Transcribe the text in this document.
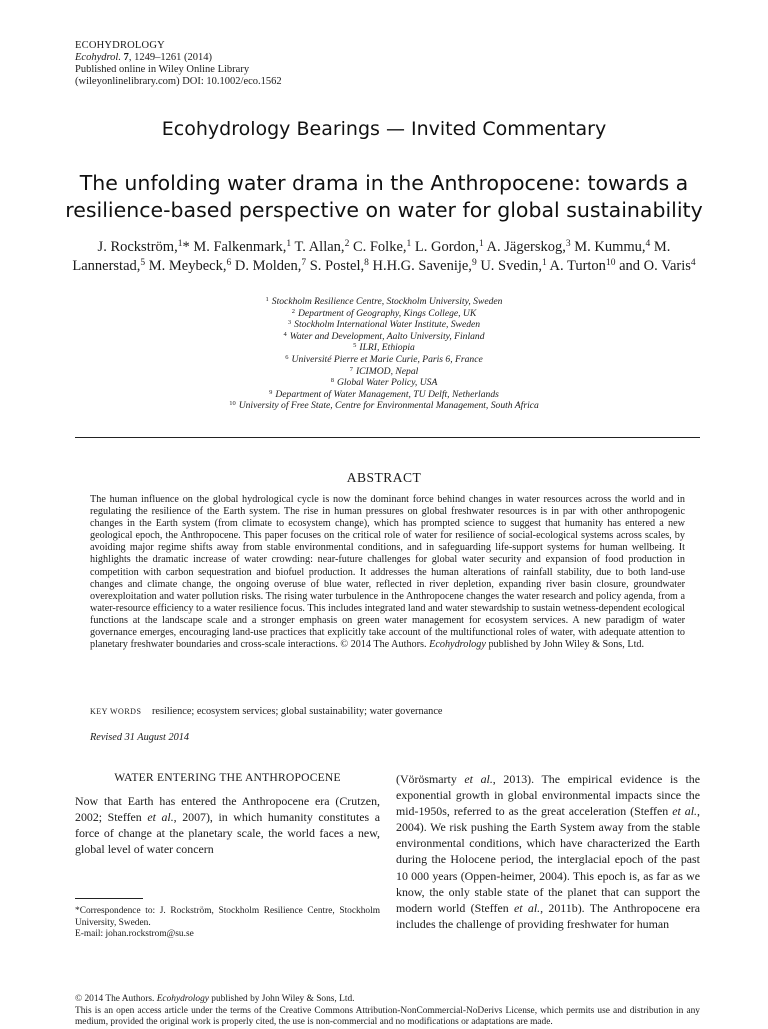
ECOHYDROLOGY
Ecohydrol. 7, 1249–1261 (2014)
Published online in Wiley Online Library
(wileyonlinelibrary.com) DOI: 10.1002/eco.1562
Ecohydrology Bearings — Invited Commentary
The unfolding water drama in the Anthropocene: towards a resilience-based perspective on water for global sustainability
J. Rockström,$^1$* M. Falkenmark,$^1$ T. Allan,$^2$ C. Folke,$^1$ L. Gordon,$^1$ A. Jägerskog,$^3$ M. Kummu,$^4$ M. Lannerstad,$^5$ M. Meybeck,$^6$ D. Molden,$^7$ S. Postel,$^8$ H.H.G. Savenije,$^9$ U. Svedin,$^1$ A. Turton$^{10}$ and O. Varis$^4$
$^1$ Stockholm Resilience Centre, Stockholm University, Sweden
$^2$ Department of Geography, Kings College, UK
$^3$ Stockholm International Water Institute, Sweden
$^4$ Water and Development, Aalto University, Finland
$^5$ ILRI, Ethiopia
$^6$ Université Pierre et Marie Curie, Paris 6, France
$^7$ ICIMOD, Nepal
$^8$ Global Water Policy, USA
$^9$ Department of Water Management, TU Delft, Netherlands
$^{10}$ University of Free State, Centre for Environmental Management, South Africa
ABSTRACT
The human influence on the global hydrological cycle is now the dominant force behind changes in water resources across the world and in regulating the resilience of the Earth system. The rise in human pressures on global freshwater resources is in par with other anthropogenic changes in the Earth system (from climate to ecosystem change), which has prompted science to suggest that humanity has entered a new geological epoch, the Anthropocene. This paper focuses on the critical role of water for resilience of social-ecological systems across scales, by avoiding major regime shifts away from stable environmental conditions, and in safeguarding life-support systems for human wellbeing. It highlights the dramatic increase of water crowding: near-future challenges for global water security and expansion of food production in competition with carbon sequestration and biofuel production. It addresses the human alterations of rainfall stability, due to both land-use changes and climate change, the ongoing overuse of blue water, reflected in river depletion, expanding river basin closure, groundwater overexploitation and water pollution risks. The rising water turbulence in the Anthropocene changes the water research and policy agenda, from a water-resource efficiency to a water resilience focus. This includes integrated land and water stewardship to sustain wetness-dependent ecological functions at the landscape scale and a stronger emphasis on green water management for ecosystem services. A new paradigm of water governance emerges, encouraging land-use practices that explicitly take account of the multifunctional roles of water, with adequate attention to planetary freshwater boundaries and cross-scale interactions. © 2014 The Authors. Ecohydrology published by John Wiley & Sons, Ltd.
KEY WORDS resilience; ecosystem services; global sustainability; water governance
Revised 31 August 2014
WATER ENTERING THE ANTHROPOCENE
Now that Earth has entered the Anthropocene era (Crutzen, 2002; Steffen et al., 2007), in which humanity constitutes a force of change at the planetary scale, the world faces a new, global level of water concern
*Correspondence to: J. Rockström, Stockholm Resilience Centre, Stockholm University, Sweden.
E-mail: johan.rockstrom@su.se
(Vörösmarty et al., 2013). The empirical evidence is the exponential growth in global environmental impacts since the mid-1950s, referred to as the great acceleration (Steffen et al., 2004). We risk pushing the Earth System away from the stable environmental conditions, which have characterized the Earth during the Holocene period, the interglacial epoch of the past 10 000 years (Oppen-heimer, 2004). This epoch is, as far as we know, the only stable state of the planet that can support the modern world (Steffen et al., 2011b). The Anthropocene era includes the challenge of providing freshwater for human
© 2014 The Authors. Ecohydrology published by John Wiley & Sons, Ltd.
This is an open access article under the terms of the Creative Commons Attribution-NonCommercial-NoDerivs License, which permits use and distribution in any medium, provided the original work is properly cited, the use is non-commercial and no modifications or adaptations are made.
